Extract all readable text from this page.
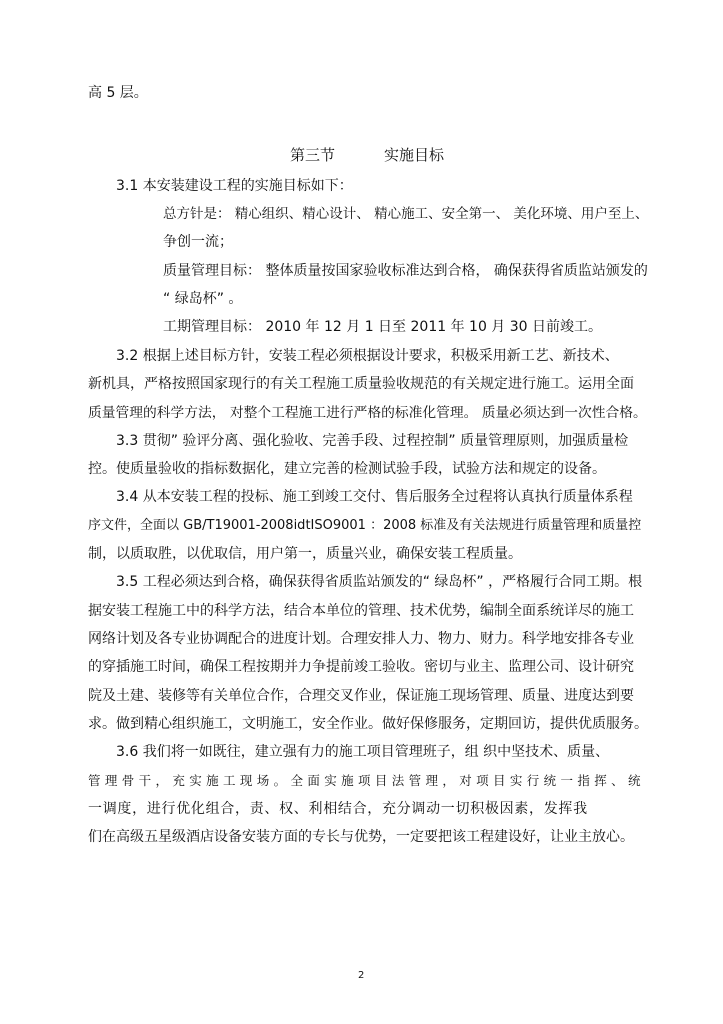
高 5 层。
第三节	实施目标
3.1 本安装建设工程的实施目标如下：
总方针是： 精心组织、精心设计、 精心施工、安全第一、 美化环境、用户至上、
争创一流；
质量管理目标： 整体质量按国家验收标准达到合格， 确保获得省质监站颁发的
“ 绿岛杯” 。
工期管理目标： 2010 年 12 月 1 日至 2011 年 10 月 30 日前竣工。
3.2 根据上述目标方针，安装工程必须根据设计要求，积极采用新工艺、新技术、
新机具，严格按照国家现行的有关工程施工质量验收规范的有关规定进行施工。运用全面
质量管理的科学方法， 对整个工程施工进行严格的标准化管理。 质量必须达到一次性合格。
3.3 贯彻” 验评分离、强化验收、完善手段、过程控制” 质量管理原则，加强质量检
控。使质量验收的指标数据化，建立完善的检测试验手段，试验方法和规定的设备。
3.4 从本安装工程的投标、施工到竣工交付、售后服务全过程将认真执行质量体系程
序文件，全面以 GB/T19001-2008idtISO9001 ：2008 标准及有关法规进行质量管理和质量控
制，以质取胜，以优取信，用户第一，质量兴业，确保安装工程质量。
3.5 工程必须达到合格，确保获得省质监站颁发的“ 绿岛杯” ，严格履行合同工期。根
据安装工程施工中的科学方法，结合本单位的管理、技术优势，编制全面系统详尽的施工
网络计划及各专业协调配合的进度计划。合理安排人力、物力、财力。科学地安排各专业
的穿插施工时间，确保工程按期并力争提前竣工验收。密切与业主、监理公司、设计研究
院及土建、装修等有关单位合作，合理交叉作业，保证施工现场管理、质量、进度达到要
求。做到精心组织施工，文明施工，安全作业。做好保修服务，定期回访，提供优质服务。
3.6 我们将一如既往，建立强有力的施工项目管理班子，组 织中坚技术、质量、
管理骨干，充实施工现场。全面实施项目法管理，对项目实行统一指挥、统
一调度，进行优化组合，责、权、利相结合，充分调动一切积极因素，发挥我
们在高级五星级酒店设备安装方面的专长与优势，一定要把该工程建设好，让业主放心。
2
